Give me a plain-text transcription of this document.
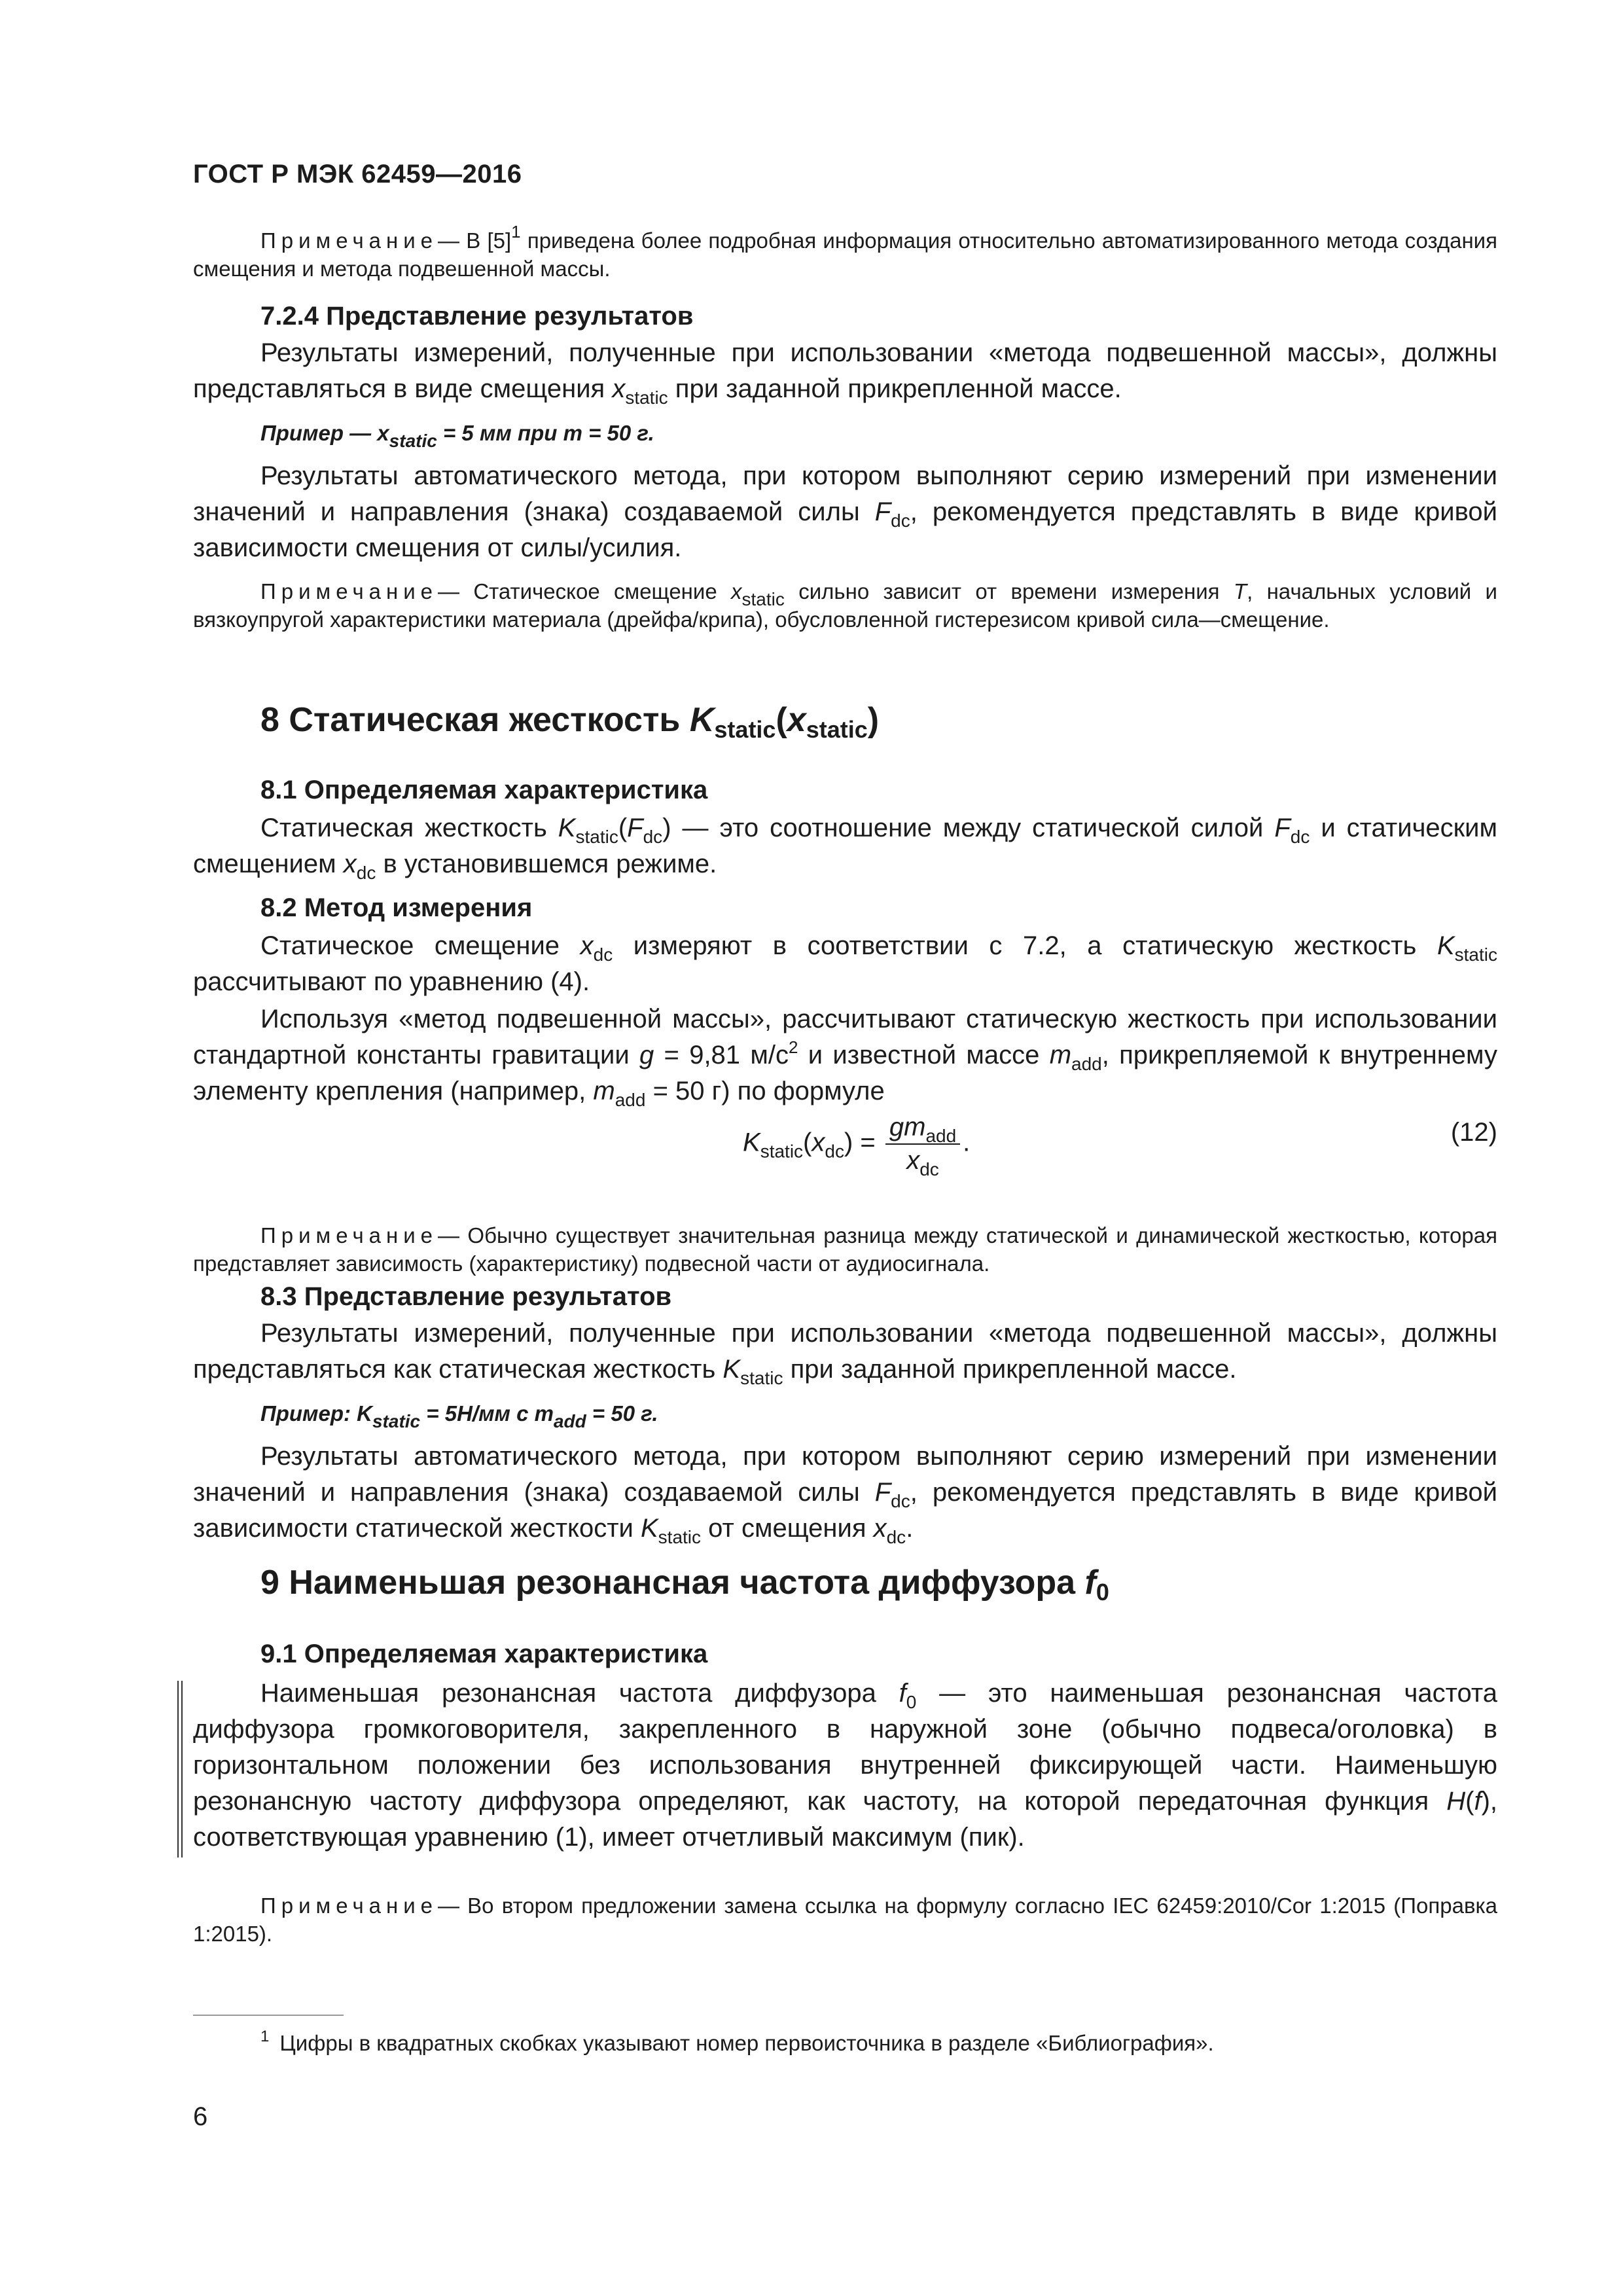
ГОСТ Р МЭК 62459—2016
Примечание— В $[5]^1$ приведена более подробная информация относительно автоматизированного метода создания смещения и метода подвешенной массы.
7.2.4 Представление результатов
Результаты измерений, полученные при использовании «метода подвешенной массы», должны представляться в виде смещения $x_{static}$ при заданной прикрепленной массе.
Пример — $x_{static} = 5$ мм при m = 50 г.
Результаты автоматического метода, при котором выполняют серию измерений при изменении значений и направления (знака) создаваемой силы $F_{dc}$, рекомендуется представлять в виде кривой зависимости смещения от силы/усилия.
Примечание— Статическое смещение $x_{static}$ сильно зависит от времени измерения T, начальных условий и вязкоупругой характеристики материала (дрейфа/крипа), обусловленной гистерезисом кривой сила—смещение.
8 Статическая жесткость $K_{static}(x_{static})$
8.1 Определяемая характеристика
Статическая жесткость $K_{static}(F_{dc})$ — это соотношение между статической силой $F_{dc}$ и статическим смещением $x_{dc}$ в установившемся режиме.
8.2 Метод измерения
Статическое смещение $x_{dc}$ измеряют в соответствии с 7.2, а статическую жесткость $K_{static}$ рассчитывают по уравнению (4).
Используя «метод подвешенной массы», рассчитывают статическую жесткость при использовании стандартной константы гравитации g = 9,81 $м/с^2$ и известной массе $m_{add}$, прикрепляемой к внутреннему элементу крепления (например, $m_{add} = 50$ г) по формуле
$K_{static}(x_{dc}) = \frac{gm_{add}}{x_{dc}}$ .	(12)
Примечание— Обычно существует значительная разница между статической и динамической жесткостью, которая представляет зависимость (характеристику) подвесной части от аудиосигнала.
8.3 Представление результатов
Результаты измерений, полученные при использовании «метода подвешенной массы», должны представляться как статическая жесткость $K_{static}$ при заданной прикрепленной массе.
Пример: $K_{static} = 5Н/мм$ с $m_{add} = 50$ г.
Результаты автоматического метода, при котором выполняют серию измерений при изменении значений и направления (знака) создаваемой силы $F_{dc}$, рекомендуется представлять в виде кривой зависимости статической жесткости $K_{static}$ от смещения $x_{dc}$.
9 Наименьшая резонансная частота диффузора $f_0$
9.1 Определяемая характеристика
Наименьшая резонансная частота диффузора $f_0$ — это наименьшая резонансная частота диффузора громкоговорителя, закрепленного в наружной зоне (обычно подвеса/оголовка) в горизонтальном положении без использования внутренней фиксирующей части. Наименьшую резонансную частоту диффузора определяют, как частоту, на которой передаточная функция H(f), соответствующая уравнению (1), имеет отчетливый максимум (пик).
Примечание— Во втором предложении замена ссылка на формулу согласно IEC 62459:2010/Cor 1:2015 (Поправка 1:2015).
$^1$ Цифры в квадратных скобках указывают номер первоисточника в разделе «Библиография».
6
